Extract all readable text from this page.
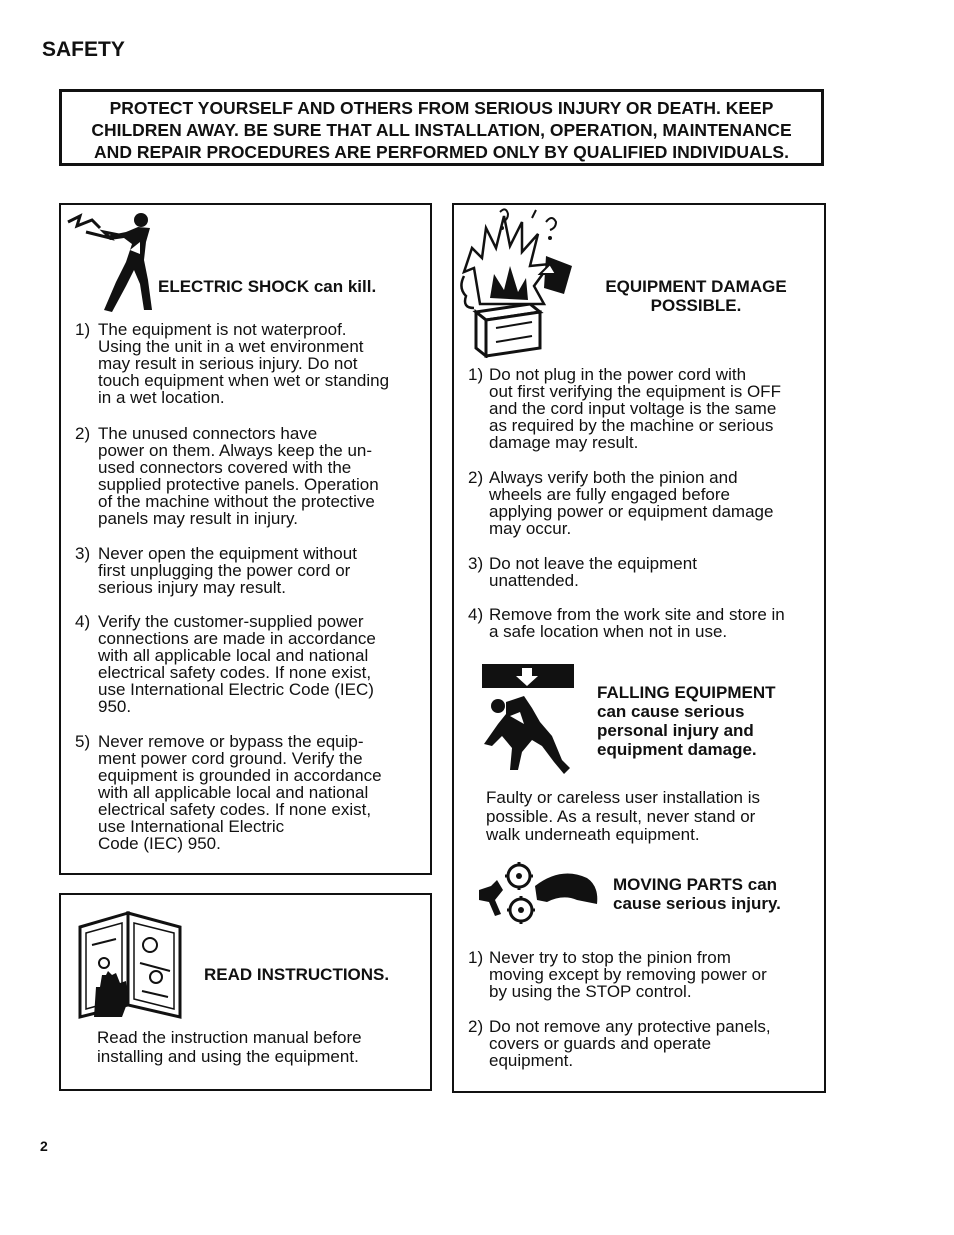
SAFETY
PROTECT YOURSELF AND OTHERS FROM SERIOUS INJURY OR DEATH. KEEP
CHILDREN AWAY. BE SURE THAT ALL INSTALLATION, OPERATION, MAINTENANCE
AND REPAIR PROCEDURES ARE PERFORMED ONLY BY QUALIFIED INDIVIDUALS.
ELECTRIC SHOCK can kill.
1) The equipment is not waterproof.
Using the unit in a wet environment
may result in serious injury. Do not
touch equipment when wet or standing
in a wet location.
2) The unused connectors have
power on them. Always keep the un-
used connectors covered with the
supplied protective panels. Operation
of the machine without the protective
panels may result in injury.
3) Never open the equipment without
first unplugging the power cord or
serious injury may result.
4) Verify the customer-supplied power
connections are made in accordance
with all applicable local and national
electrical safety codes. If none exist,
use International Electric Code (IEC)
950.
5) Never remove or bypass the equip-
ment power cord ground. Verify the
equipment is grounded in accordance
with all applicable local and national
electrical safety codes. If none exist,
use International Electric
Code (IEC) 950.
READ INSTRUCTIONS.
Read the instruction manual before
installing and using the equipment.
EQUIPMENT DAMAGE
POSSIBLE.
1) Do not plug in the power cord with
out first verifying the equipment is OFF
and the cord input voltage is the same
as required by the machine or serious
damage may result.
2) Always verify both the pinion and
wheels are fully engaged before
applying power or equipment damage
may occur.
3) Do not leave the equipment
unattended.
4) Remove from the work site and store in
a safe location when not in use.
FALLING EQUIPMENT
can cause serious
personal injury and
equipment damage.
Faulty or careless user installation is
possible. As a result, never stand or
walk underneath equipment.
MOVING PARTS can
cause serious injury.
1) Never try to stop the pinion from
moving except by removing power or
by using the STOP control.
2) Do not remove any protective panels,
covers or guards and operate
equipment.
2
